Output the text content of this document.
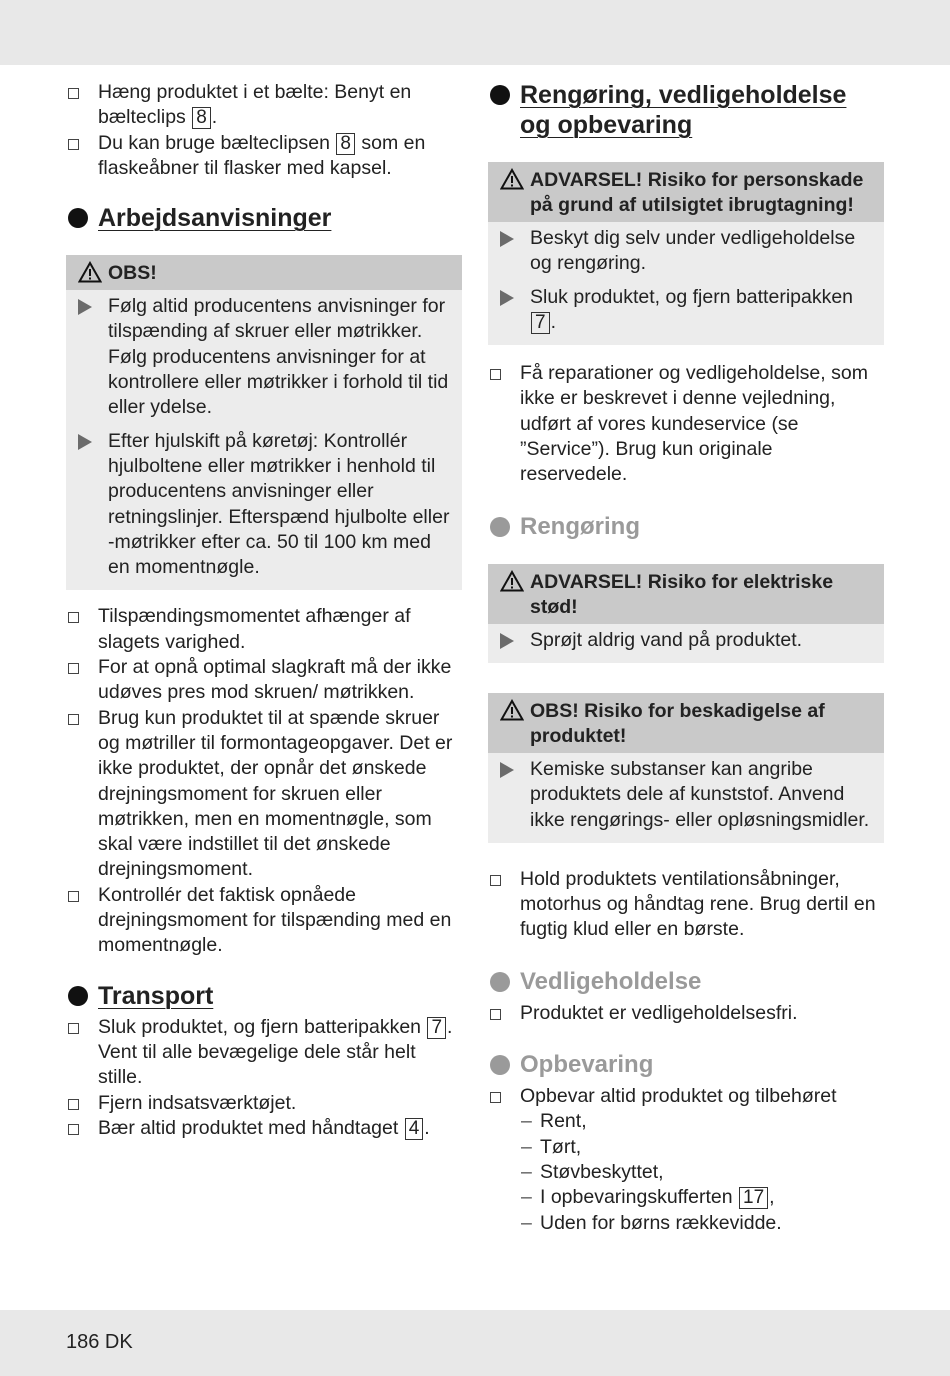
Hæng produktet i et bælte: Benyt en bælteclips 8 .
Du kan bruge bælteclipsen 8 som en flaskeåbner til flasker med kapsel.
Arbejdsanvisninger
OBS!
Følg altid producentens anvisninger for tilspænding af skruer eller møtrikker. Følg producentens anvisninger for at kontrollere eller møtrikker i forhold til tid eller ydelse.
Efter hjulskift på køretøj: Kontrollér hjulboltene eller møtrikker i henhold til producentens anvisninger eller retningslinjer. Efterspænd hjulbolte eller -møtrikker efter ca. 50 til 100 km med en momentnøgle.
Tilspændingsmomentet afhænger af slagets varighed.
For at opnå optimal slagkraft må der ikke udøves pres mod skruen/ møtrikken.
Brug kun produktet til at spænde skruer og møtriller til formontageopgaver. Det er ikke produktet, der opnår det ønskede drejningsmoment for skruen eller møtrikken, men en momentnøgle, som skal være indstillet til det ønskede drejningsmoment.
Kontrollér det faktisk opnåede drejningsmoment for tilspænding med en momentnøgle.
Transport
Sluk produktet, og fjern batteripakken 7 . Vent til alle bevægelige dele står helt stille.
Fjern indsatsværktøjet.
Bær altid produktet med håndtaget 4 .
Rengøring, vedligeholdelse og opbevaring
ADVARSEL! Risiko for personskade på grund af utilsigtet ibrugtagning!
Beskyt dig selv under vedligeholdelse og rengøring.
Sluk produktet, og fjern batteripakken 7 .
Få reparationer og vedligeholdelse, som ikke er beskrevet i denne vejledning, udført af vores kundeservice (se ”Service”). Brug kun originale reservedele.
Rengøring
ADVARSEL! Risiko for elektriske stød!
Sprøjt aldrig vand på produktet.
OBS! Risiko for beskadigelse af produktet!
Kemiske substanser kan angribe produktets dele af kunststof. Anvend ikke rengørings- eller opløsningsmidler.
Hold produktets ventilationsåbninger, motorhus og håndtag rene. Brug dertil en fugtig klud eller en børste.
Vedligeholdelse
Produktet er vedligeholdelsesfri.
Opbevaring
Opbevar altid produktet og tilbehøret
– Rent,
– Tørt,
– Støvbeskyttet,
– I opbevaringskufferten 17 ,
– Uden for børns rækkevidde.
186 DK
